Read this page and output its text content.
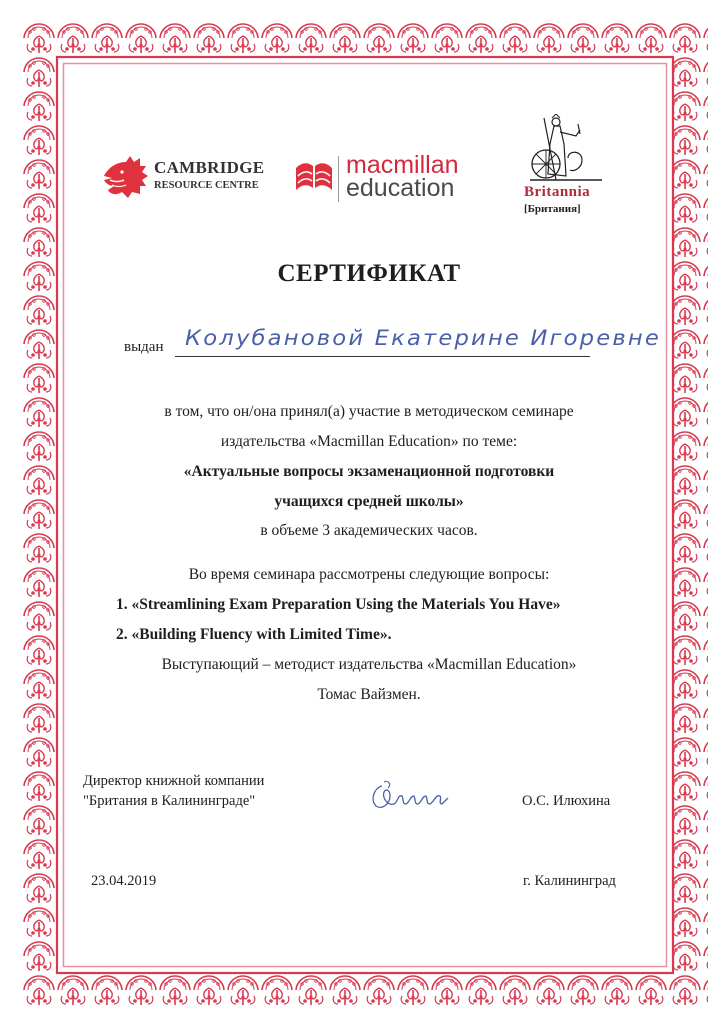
CAMBRIDGE
RESOURCE CENTRE
macmillan
education	Britannia
[Британия]
СЕРТИФИКАТ
выдан Колубановой Екатерине Игоревне
в том, что он/она принял(а) участие в методическом семинаре
издательства «Macmillan Education» по теме:
«Актуальные вопросы экзаменационной подготовки
учащихся средней школы»
в объеме 3 академических часов.
Во время семинара рассмотрены следующие вопросы:
1. «Streamlining Exam Preparation Using the Materials You Have»
2. «Building Fluency with Limited Time».
Выступающий – методист издательства «Macmillan Education»
Томас Вайзмен.
Директор книжной компании
"Британия в Калининграде"	О.С. Илюхина
23.04.2019	г. Калининград
